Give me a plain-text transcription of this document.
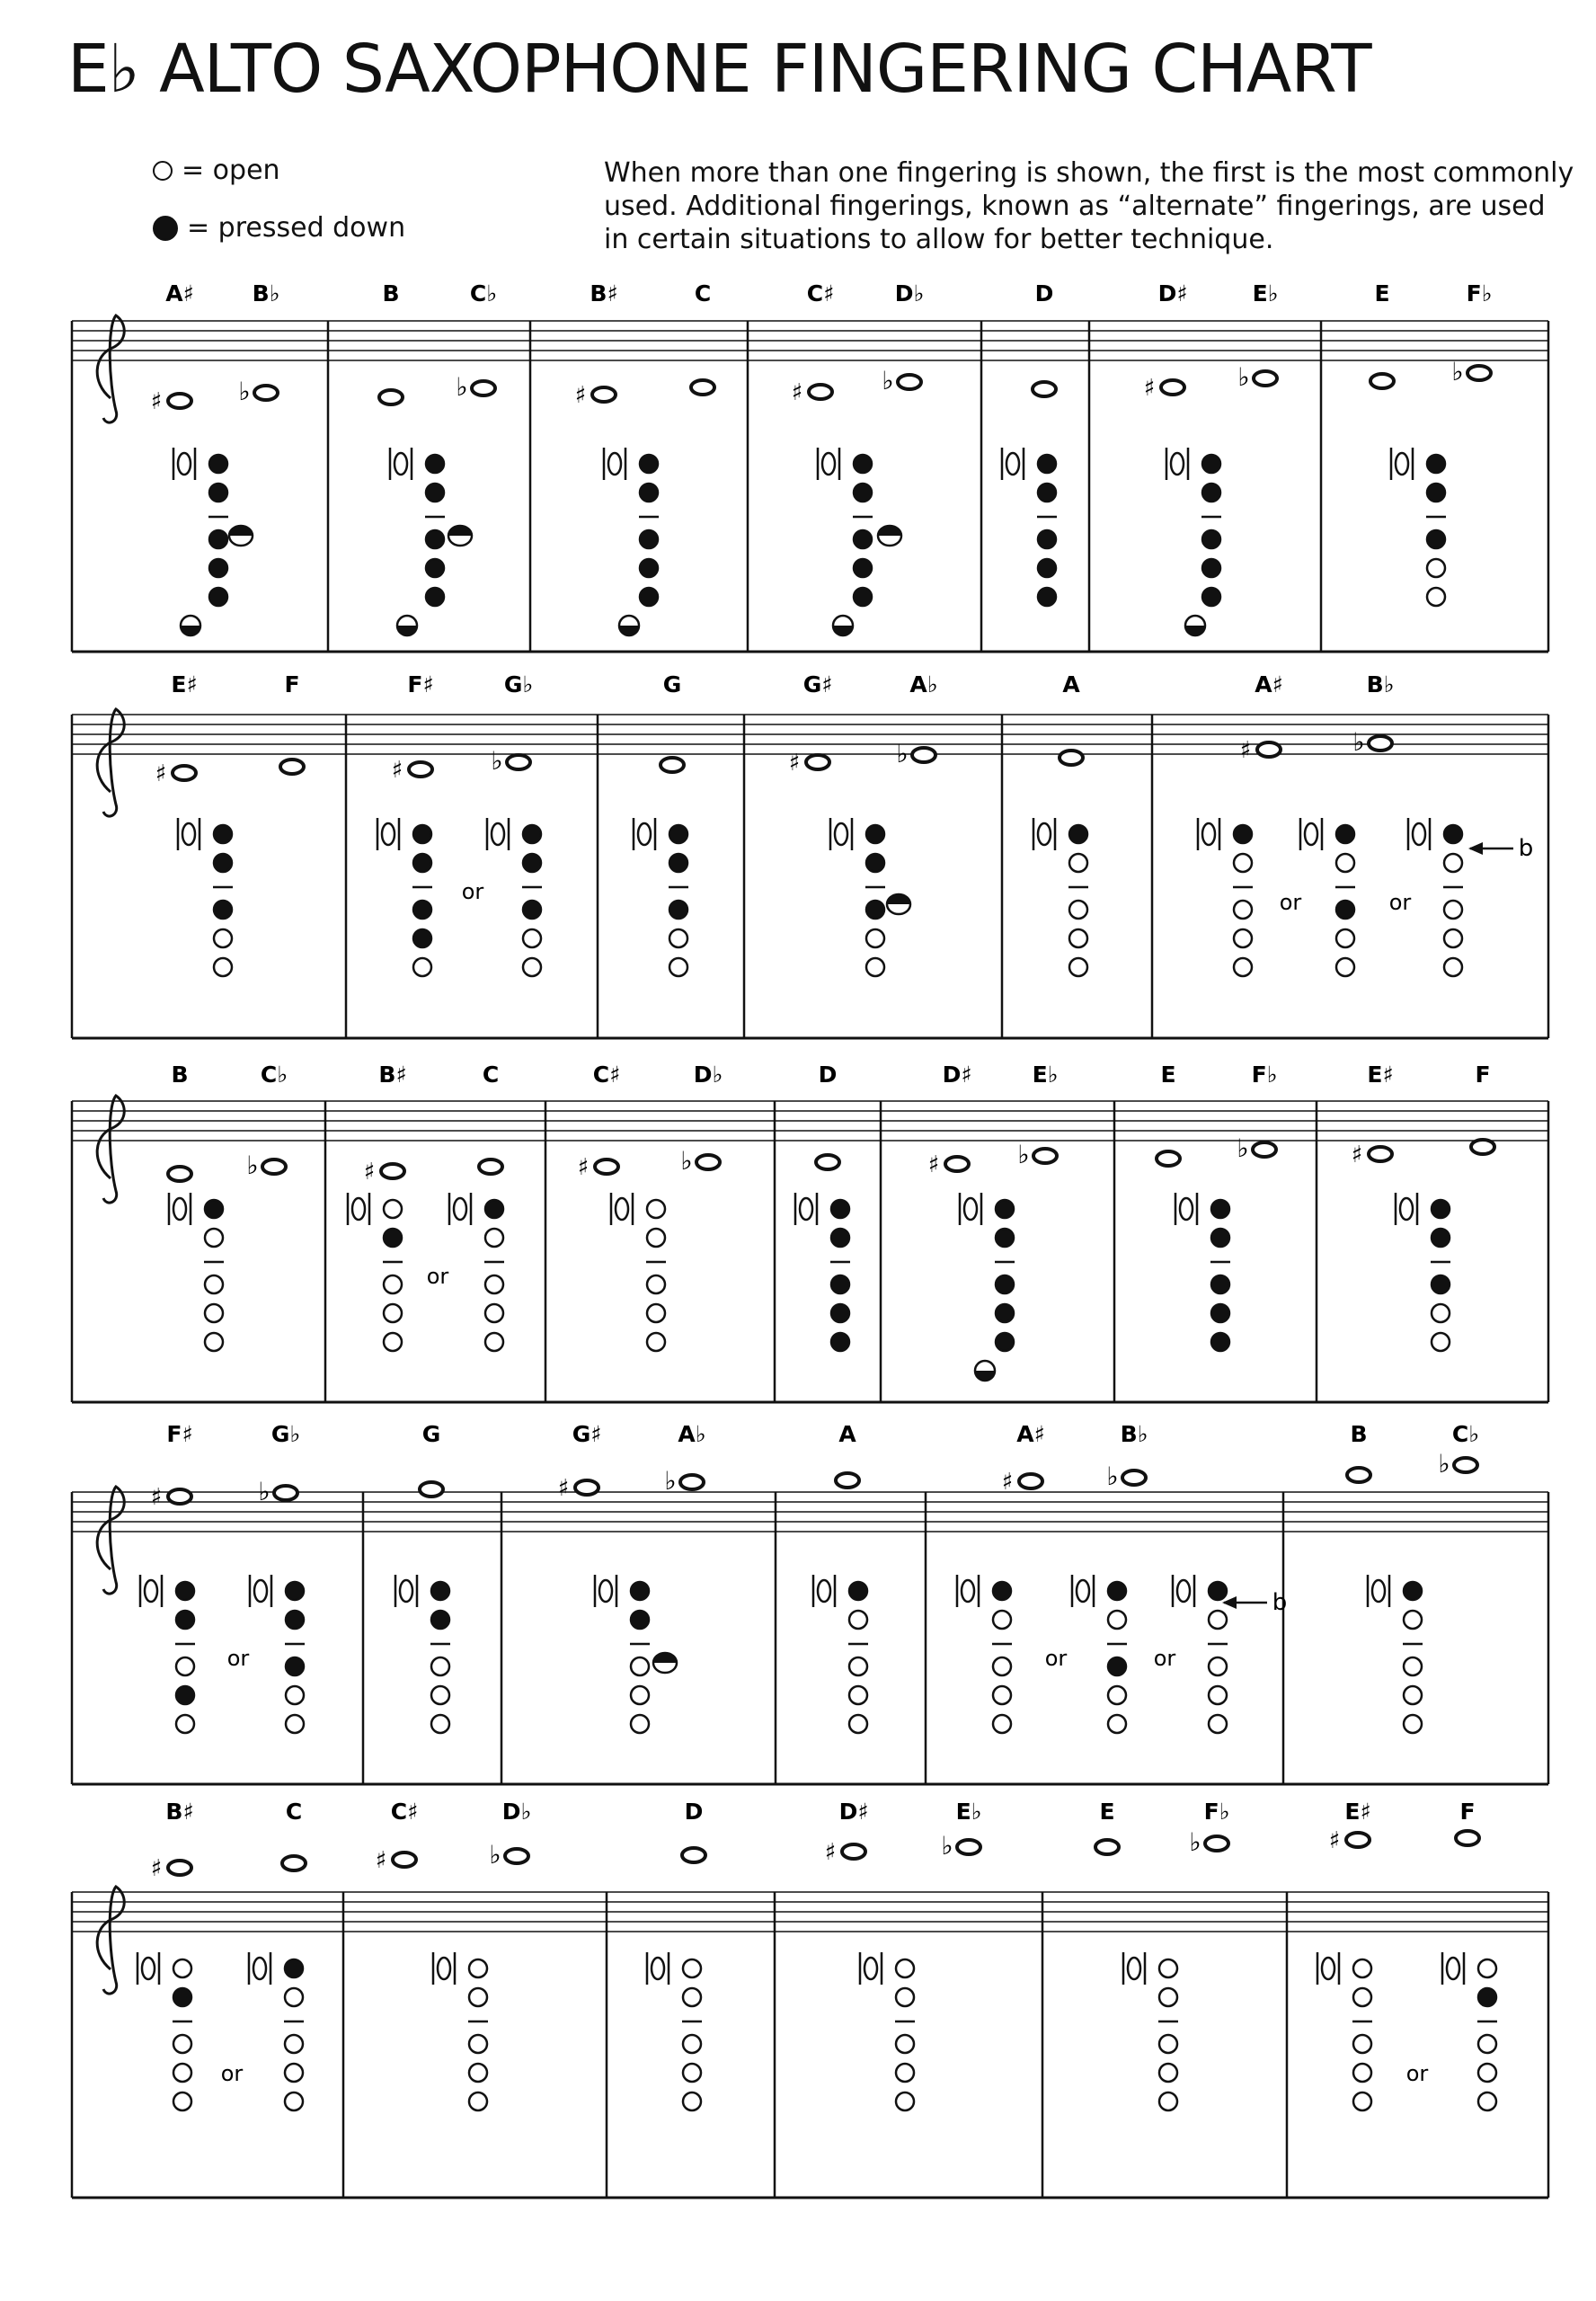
E♭ ALTO SAXOPHONE FINGERING CHART
= open
= pressed down
When more than one fingering is shown, the first is the most commonly used. Additional fingerings, known as “alternate” fingerings, are used in certain situations to allow for better technique.
A♯	B♭	B	C♭	B♯	C	C♯	D♭	D	D♯	E♭	E	F♭
♯	♭	♭	♯	♯	♭	♯	♭	♭
E♯	F	F♯	G♭	G	G♯	A♭	A	A♯	B♭
♯	♯	♭	♯	♭	♯	♭
or	or	or
B	C♭	B♯	C	C♯	D♭	D	D♯	E♭	E	F♭	E♯	F
♭	♯	♯	♭	♯	♭	♭	♯
or
F♯	G♭	G	G♯	A♭	A	A♯	B♭	B	C♭
♯	♭	♯	♭	♯	♭	♭
or	or	or
B♯	C	C♯	D♭	D	D♯	E♭	E	F♭	E♯	F
♯	♯	♭	♯	♭	♭	♯
or	or
b
b
